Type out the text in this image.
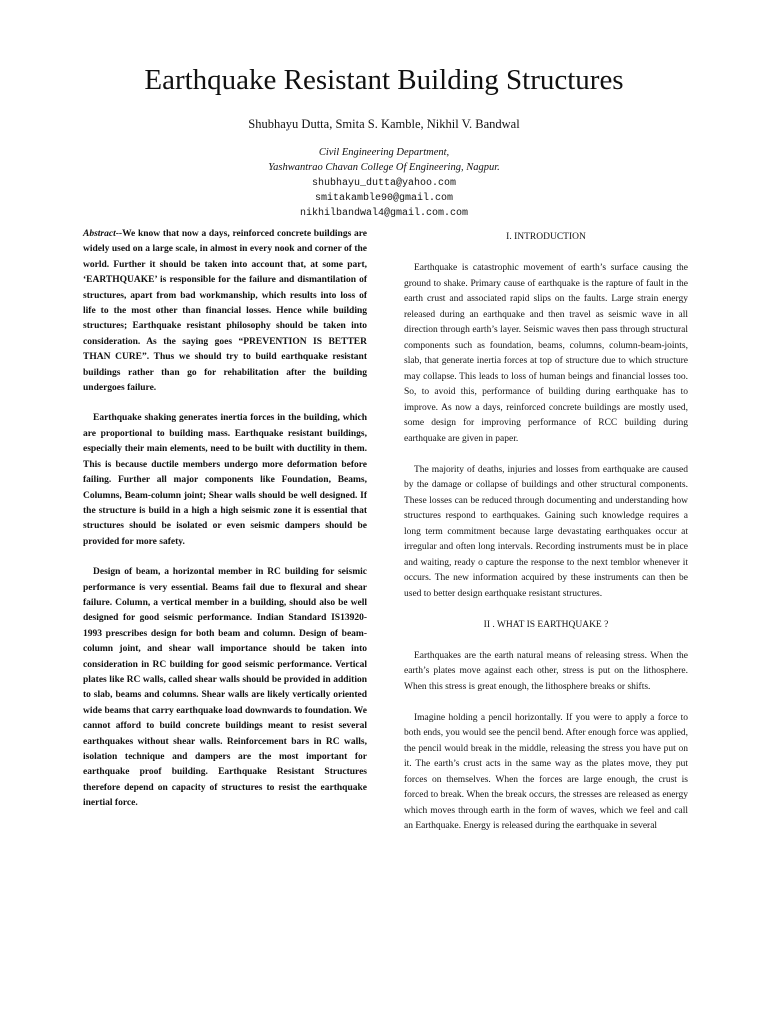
Earthquake Resistant Building Structures
Shubhayu Dutta, Smita S. Kamble, Nikhil V. Bandwal
Civil Engineering Department,
Yashwantrao Chavan College Of Engineering, Nagpur.
shubhayu_dutta@yahoo.com
smitakamble90@gmail.com
nikhilbandwal4@gmail.com.com

Abstract--We know that now a days, reinforced concrete buildings are widely used on a large scale, in almost in every nook and corner of the world. Further it should be taken into account that, at some part, ‘EARTHQUAKE’ is responsible for the failure and dismantilation of structures, apart from bad workmanship, which results into loss of life to the most other than financial losses. Hence while building structures; Earthquake resistant philosophy should be taken into consideration. As the saying goes “PREVENTION IS BETTER THAN CURE”. Thus we should try to build earthquake resistant buildings rather than go for rehabilitation after the building undergoes failure.

Earthquake shaking generates inertia forces in the building, which are proportional to building mass. Earthquake resistant buildings, especially their main elements, need to be built with ductility in them. This is because ductile members undergo more deformation before failing. Further all major components like Foundation, Beams, Columns, Beam-column joint; Shear walls should be well designed. If the structure is build in a high a high seismic zone it is essential that structures should be isolated or even seismic dampers should be provided for more safety.

Design of beam, a horizontal member in RC building for seismic performance is very essential. Beams fail due to flexural and shear failure. Column, a vertical member in a building, should also be well designed for good seismic performance. Indian Standard IS13920-1993 prescribes design for both beam and column. Design of beam-column joint, and shear wall importance should be taken into consideration in RC building for good seismic performance. Vertical plates like RC walls, called shear walls should be provided in addition to slab, beams and columns. Shear walls are likely vertically oriented wide beams that carry earthquake load downwards to foundation. We cannot afford to build concrete buildings meant to resist several earthquakes without shear walls. Reinforcement bars in RC walls, isolation technique and dampers are the most important for earthquake proof building. Earthquake Resistant Structures therefore depend on capacity of structures to resist the earthquake inertial force.

I. INTRODUCTION

Earthquake is catastrophic movement of earth’s surface causing the ground to shake. Primary cause of earthquake is the rapture of fault in the earth crust and associated rapid slips on the faults. Large strain energy released during an earthquake and then travel as seismic wave in all direction through earth’s layer. Seismic waves then pass through structural components such as foundation, beams, columns, column-beam-joints, slab, that generate inertia forces at top of structure due to which structure may collapse. This leads to loss of human beings and financial losses too. So, to avoid this, performance of building during earthquake has to improve. As now a days, reinforced concrete buildings are mostly used, some design for improving performance of RCC building during earthquake are given in paper.

The majority of deaths, injuries and losses from earthquake are caused by the damage or collapse of buildings and other structural components. These losses can be reduced through documenting and understanding how structures respond to earthquakes. Gaining such knowledge requires a long term commitment because large devastating earthquakes occur at irregular and often long intervals. Recording instruments must be in place and waiting, ready o capture the response to the next temblor whenever it occurs. The new information acquired by these instruments can then be used to better design earthquake resistant structures.

II . WHAT IS EARTHQUAKE ?

Earthquakes are the earth natural means of releasing stress. When the earth’s plates move against each other, stress is put on the lithosphere. When this stress is great enough, the lithosphere breaks or shifts.

Imagine holding a pencil horizontally. If you were to apply a force to both ends, you would see the pencil bend. After enough force was applied, the pencil would break in the middle, releasing the stress you have put on it. The earth’s crust acts in the same way as the plates move, they put forces on themselves. When the forces are large enough, the crust is forced to break. When the break occurs, the stresses are released as energy which moves through earth in the form of waves, which we feel and call an Earthquake. Energy is released during the earthquake in several
